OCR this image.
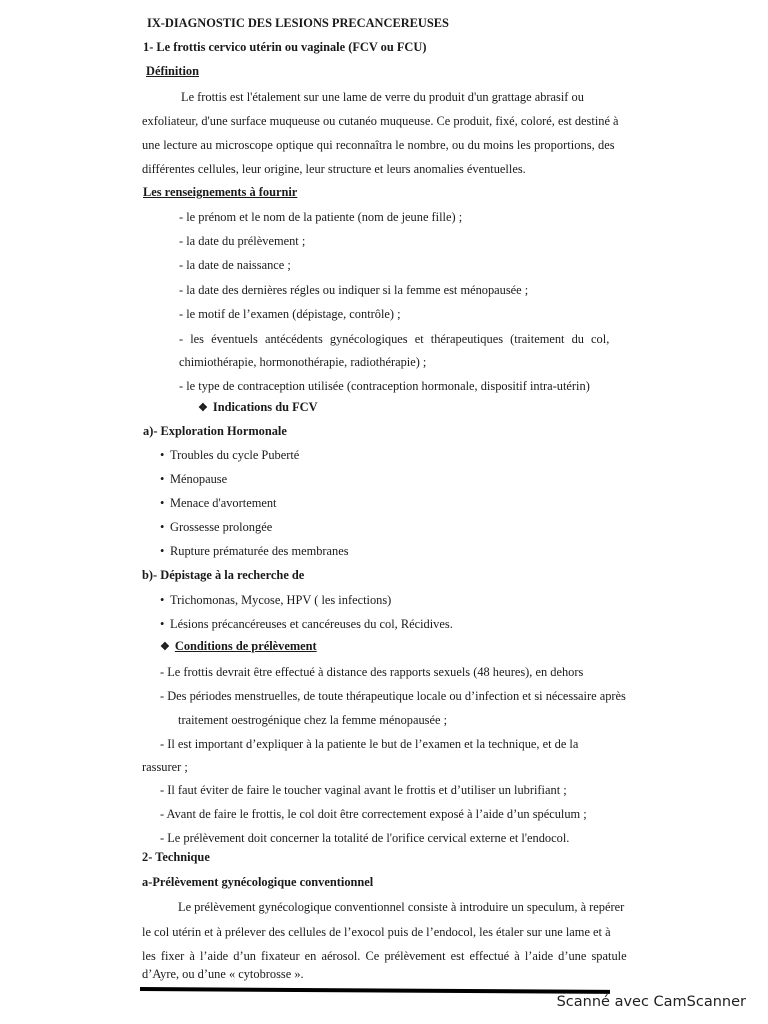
IX-DIAGNOSTIC DES LESIONS PRECANCEREUSES
1- Le frottis cervico utérin ou vaginale (FCV ou FCU)
Définition
Le frottis est l'étalement sur une lame de verre du produit d'un grattage abrasif ou
exfoliateur, d'une surface muqueuse ou cutanéo muqueuse. Ce produit, fixé, coloré, est destiné à
une lecture au microscope optique qui reconnaîtra le nombre, ou du moins les proportions, des
différentes cellules, leur origine, leur structure et leurs anomalies éventuelles.
Les renseignements à fournir
- le prénom et le nom de la patiente (nom de jeune fille) ;
- la date du prélèvement ;
- la date de naissance ;
- la date des dernières régles ou indiquer si la femme est ménopausée ;
- le motif de l’examen (dépistage, contrôle) ;
- les éventuels antécédents gynécologiques et thérapeutiques (traitement du col,
chimiothérapie, hormonothérapie, radiothérapie) ;
- le type de contraception utilisée (contraception hormonale, dispositif intra-utérin)
❖ Indications du FCV
a)- Exploration Hormonale
• Troubles du cycle Puberté
• Ménopause
• Menace d'avortement
• Grossesse prolongée
• Rupture prématurée des membranes
b)- Dépistage à la recherche de
• Trichomonas, Mycose, HPV ( les infections)
• Lésions précancéreuses et cancéreuses du col, Récidives.
❖ Conditions de prélèvement
- Le frottis devrait être effectué à distance des rapports sexuels (48 heures), en dehors
- Des périodes menstruelles, de toute thérapeutique locale ou d’infection et si nécessaire après
traitement oestrogénique chez la femme ménopausée ;
- Il est important d’expliquer à la patiente le but de l’examen et la technique, et de la
rassurer ;
- Il faut éviter de faire le toucher vaginal avant le frottis et d’utiliser un lubrifiant ;
- Avant de faire le frottis, le col doit être correctement exposé à l’aide d’un spéculum ;
- Le prélèvement doit concerner la totalité de l'orifice cervical externe et l'endocol.
2- Technique
a-Prélèvement gynécologique conventionnel
Le prélèvement gynécologique conventionnel consiste à introduire un speculum, à repérer
le col utérin et à prélever des cellules de l’exocol puis de l’endocol, les étaler sur une lame et à
les fixer à l’aide d’un fixateur en aérosol. Ce prélèvement est effectué à l’aide d’une spatule
d’Ayre, ou d’une « cytobrosse ».
Scanné avec CamScanner
